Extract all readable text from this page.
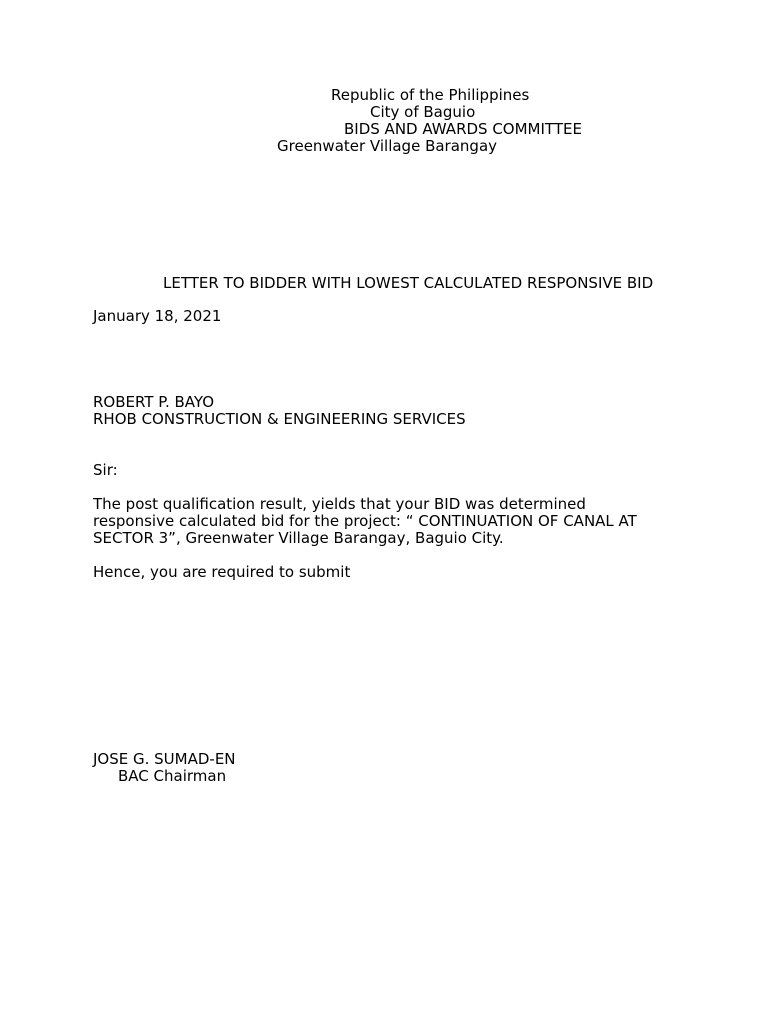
Republic of the Philippines

City of Baguio

BIDS AND AWARDS COMMITTEE

Greenwater Village Barangay

LETTER TO BIDDER WITH LOWEST CALCULATED RESPONSIVE BID

January 18, 2021

ROBERT P. BAYO

RHOB CONSTRUCTION & ENGINEERING SERVICES

Sir:

The post qualification result, yields that your BID was determined

responsive calculated bid for the project: “ CONTINUATION OF CANAL AT

SECTOR 3”, Greenwater Village Barangay, Baguio City.

Hence, you are required to submit

JOSE G. SUMAD-EN

BAC Chairman
